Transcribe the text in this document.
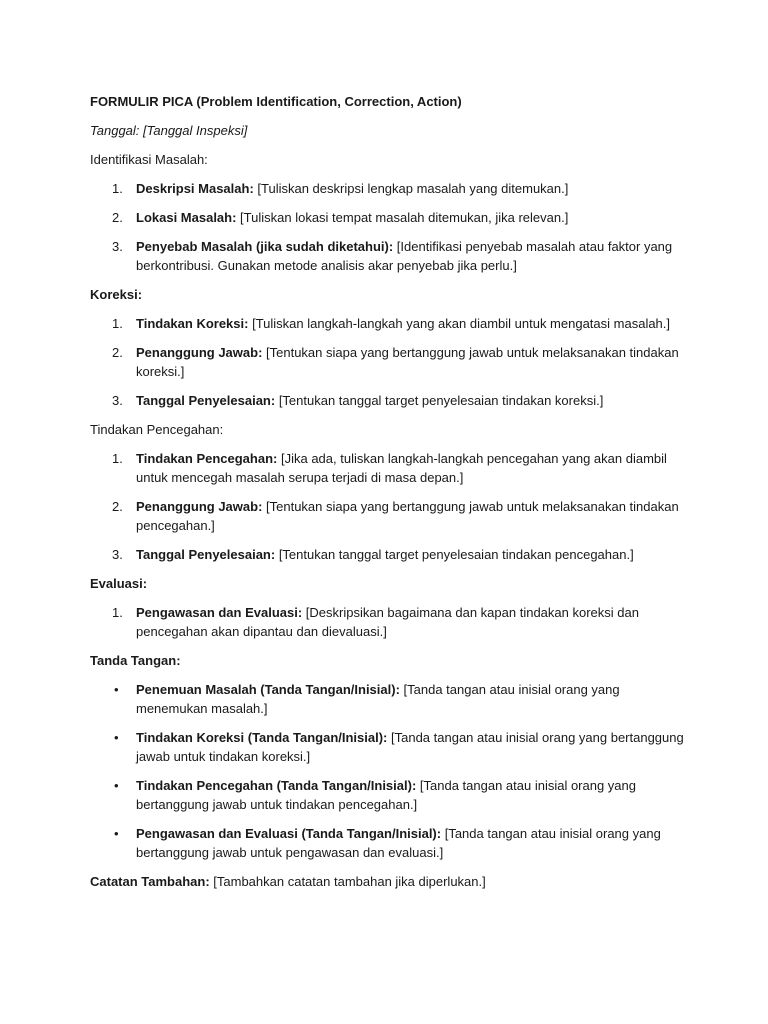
FORMULIR PICA (Problem Identification, Correction, Action)
Tanggal: [Tanggal Inspeksi]
Identifikasi Masalah:
1.	Deskripsi Masalah: [Tuliskan deskripsi lengkap masalah yang ditemukan.]
2.	Lokasi Masalah: [Tuliskan lokasi tempat masalah ditemukan, jika relevan.]
3.	Penyebab Masalah (jika sudah diketahui): [Identifikasi penyebab masalah atau faktor yang berkontribusi. Gunakan metode analisis akar penyebab jika perlu.]
Koreksi:
1.	Tindakan Koreksi: [Tuliskan langkah-langkah yang akan diambil untuk mengatasi masalah.]
2.	Penanggung Jawab: [Tentukan siapa yang bertanggung jawab untuk melaksanakan tindakan koreksi.]
3.	Tanggal Penyelesaian: [Tentukan tanggal target penyelesaian tindakan koreksi.]
Tindakan Pencegahan:
1.	Tindakan Pencegahan: [Jika ada, tuliskan langkah-langkah pencegahan yang akan diambil untuk mencegah masalah serupa terjadi di masa depan.]
2.	Penanggung Jawab: [Tentukan siapa yang bertanggung jawab untuk melaksanakan tindakan pencegahan.]
3.	Tanggal Penyelesaian: [Tentukan tanggal target penyelesaian tindakan pencegahan.]
Evaluasi:
1.	Pengawasan dan Evaluasi: [Deskripsikan bagaimana dan kapan tindakan koreksi dan pencegahan akan dipantau dan dievaluasi.]
Tanda Tangan:
• Penemuan Masalah (Tanda Tangan/Inisial): [Tanda tangan atau inisial orang yang menemukan masalah.]
• Tindakan Koreksi (Tanda Tangan/Inisial): [Tanda tangan atau inisial orang yang bertanggung jawab untuk tindakan koreksi.]
• Tindakan Pencegahan (Tanda Tangan/Inisial): [Tanda tangan atau inisial orang yang bertanggung jawab untuk tindakan pencegahan.]
• Pengawasan dan Evaluasi (Tanda Tangan/Inisial): [Tanda tangan atau inisial orang yang bertanggung jawab untuk pengawasan dan evaluasi.]
Catatan Tambahan: [Tambahkan catatan tambahan jika diperlukan.]
